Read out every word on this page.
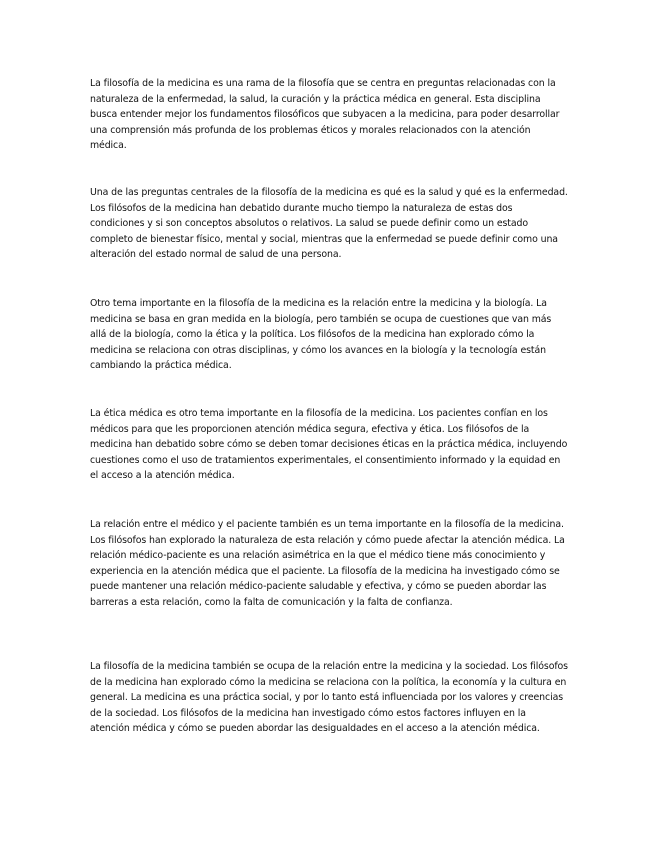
La filosofía de la medicina es una rama de la filosofía que se centra en preguntas relacionadas con la naturaleza de la enfermedad, la salud, la curación y la práctica médica en general. Esta disciplina busca entender mejor los fundamentos filosóficos que subyacen a la medicina, para poder desarrollar una comprensión más profunda de los problemas éticos y morales relacionados con la atención médica.

Una de las preguntas centrales de la filosofía de la medicina es qué es la salud y qué es la enfermedad. Los filósofos de la medicina han debatido durante mucho tiempo la naturaleza de estas dos condiciones y si son conceptos absolutos o relativos. La salud se puede definir como un estado completo de bienestar físico, mental y social, mientras que la enfermedad se puede definir como una alteración del estado normal de salud de una persona.

Otro tema importante en la filosofía de la medicina es la relación entre la medicina y la biología. La medicina se basa en gran medida en la biología, pero también se ocupa de cuestiones que van más allá de la biología, como la ética y la política. Los filósofos de la medicina han explorado cómo la medicina se relaciona con otras disciplinas, y cómo los avances en la biología y la tecnología están cambiando la práctica médica.

La ética médica es otro tema importante en la filosofía de la medicina. Los pacientes confían en los médicos para que les proporcionen atención médica segura, efectiva y ética. Los filósofos de la medicina han debatido sobre cómo se deben tomar decisiones éticas en la práctica médica, incluyendo cuestiones como el uso de tratamientos experimentales, el consentimiento informado y la equidad en el acceso a la atención médica.

La relación entre el médico y el paciente también es un tema importante en la filosofía de la medicina. Los filósofos han explorado la naturaleza de esta relación y cómo puede afectar la atención médica. La relación médico-paciente es una relación asimétrica en la que el médico tiene más conocimiento y experiencia en la atención médica que el paciente. La filosofía de la medicina ha investigado cómo se puede mantener una relación médico-paciente saludable y efectiva, y cómo se pueden abordar las barreras a esta relación, como la falta de comunicación y la falta de confianza.

La filosofía de la medicina también se ocupa de la relación entre la medicina y la sociedad. Los filósofos de la medicina han explorado cómo la medicina se relaciona con la política, la economía y la cultura en general. La medicina es una práctica social, y por lo tanto está influenciada por los valores y creencias de la sociedad. Los filósofos de la medicina han investigado cómo estos factores influyen en la atención médica y cómo se pueden abordar las desigualdades en el acceso a la atención médica.
